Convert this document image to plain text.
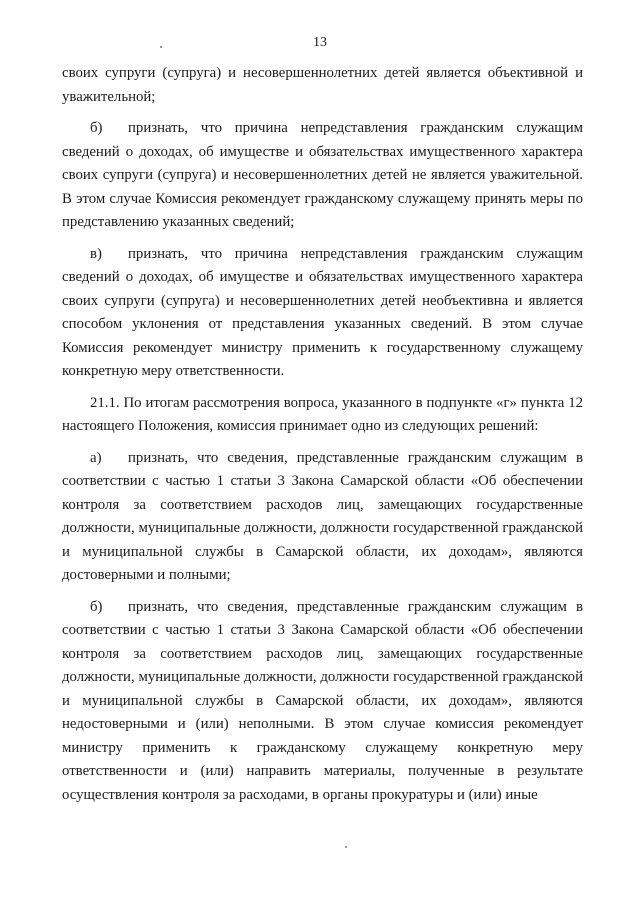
13

своих супруги (супруга) и несовершеннолетних детей является объективной и уважительной;

б) признать, что причина непредставления гражданским служащим сведений о доходах, об имуществе и обязательствах имущественного характера своих супруги (супруга) и несовершеннолетних детей не является уважительной. В этом случае Комиссия рекомендует гражданскому служащему принять меры по представлению указанных сведений;

в) признать, что причина непредставления гражданским служащим сведений о доходах, об имуществе и обязательствах имущественного характера своих супруги (супруга) и несовершеннолетних детей необъективна и является способом уклонения от представления указанных сведений. В этом случае Комиссия рекомендует министру применить к государственному служащему конкретную меру ответственности.

21.1. По итогам рассмотрения вопроса, указанного в подпункте «г» пункта 12 настоящего Положения, комиссия принимает одно из следующих решений:

а) признать, что сведения, представленные гражданским служащим в соответствии с частью 1 статьи 3 Закона Самарской области «Об обеспечении контроля за соответствием расходов лиц, замещающих государственные должности, муниципальные должности, должности государственной гражданской и муниципальной службы в Самарской области, их доходам», являются достоверными и полными;

б) признать, что сведения, представленные гражданским служащим в соответствии с частью 1 статьи 3 Закона Самарской области «Об обеспечении контроля за соответствием расходов лиц, замещающих государственные должности, муниципальные должности, должности государственной гражданской и муниципальной службы в Самарской области, их доходам», являются недостоверными и (или) неполными. В этом случае комиссия рекомендует министру применить к гражданскому служащему конкретную меру ответственности и (или) направить материалы, полученные в результате осуществления контроля за расходами, в органы прокуратуры и (или) иные
